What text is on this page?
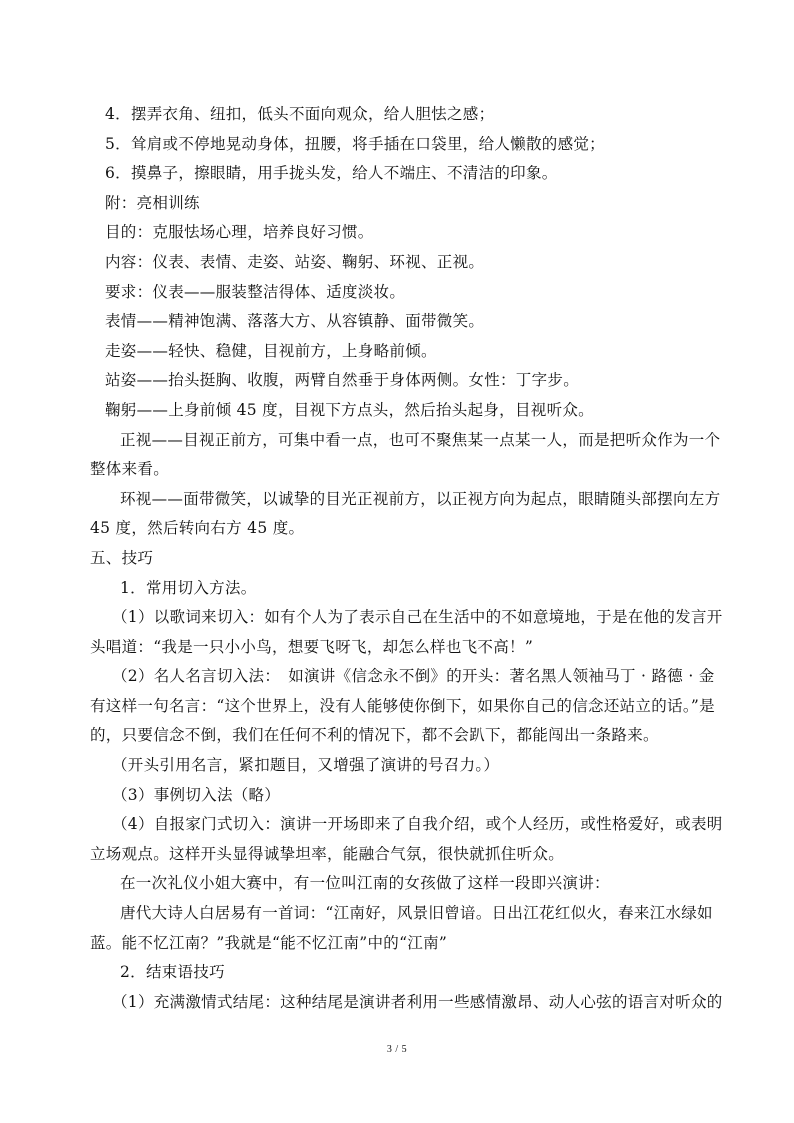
4．摆弄衣角、纽扣，低头不面向观众，给人胆怯之感；
5．耸肩或不停地晃动身体，扭腰，将手插在口袋里，给人懒散的感觉；
6．摸鼻子，擦眼睛，用手拢头发，给人不端庄、不清洁的印象。
附：亮相训练
目的：克服怯场心理，培养良好习惯。
内容：仪表、表情、走姿、站姿、鞠躬、环视、正视。
要求：仪表——服装整洁得体、适度淡妆。
表情——精神饱满、落落大方、从容镇静、面带微笑。
走姿——轻快、稳健，目视前方，上身略前倾。
站姿——抬头挺胸、收腹，两臂自然垂于身体两侧。女性：丁字步。
鞠躬——上身前倾 45 度，目视下方点头，然后抬头起身，目视听众。
正视——目视正前方，可集中看一点，也可不聚焦某一点某一人，而是把听众作为一个
整体来看。
环视——面带微笑，以诚挚的目光正视前方，以正视方向为起点，眼睛随头部摆向左方
45 度，然后转向右方 45 度。
五、技巧
1．常用切入方法。
（1）以歌词来切入：如有个人为了表示自己在生活中的不如意境地，于是在他的发言开
头唱道：“我是一只小小鸟，想要飞呀飞，却怎么样也飞不高！”
（2）名人名言切入法：　如演讲《信念永不倒》的开头：著名黑人领袖马丁 · 路德 · 金
有这样一句名言：“这个世界上，没有人能够使你倒下，如果你自己的信念还站立的话。”是
的，只要信念不倒，我们在任何不利的情况下，都不会趴下，都能闯出一条路来。
（开头引用名言，紧扣题目，又增强了演讲的号召力。）
（3）事例切入法（略）
（4）自报家门式切入：演讲一开场即来了自我介绍，或个人经历，或性格爱好，或表明
立场观点。这样开头显得诚挚坦率，能融合气氛，很快就抓住听众。
在一次礼仪小姐大赛中，有一位叫江南的女孩做了这样一段即兴演讲：
唐代大诗人白居易有一首词：“江南好，风景旧曾谙。日出江花红似火，春来江水绿如
蓝。能不忆江南？”我就是“能不忆江南”中的“江南”
2．结束语技巧
（1）充满激情式结尾：这种结尾是演讲者利用一些感情激昂、动人心弦的语言对听众的
3 / 5
